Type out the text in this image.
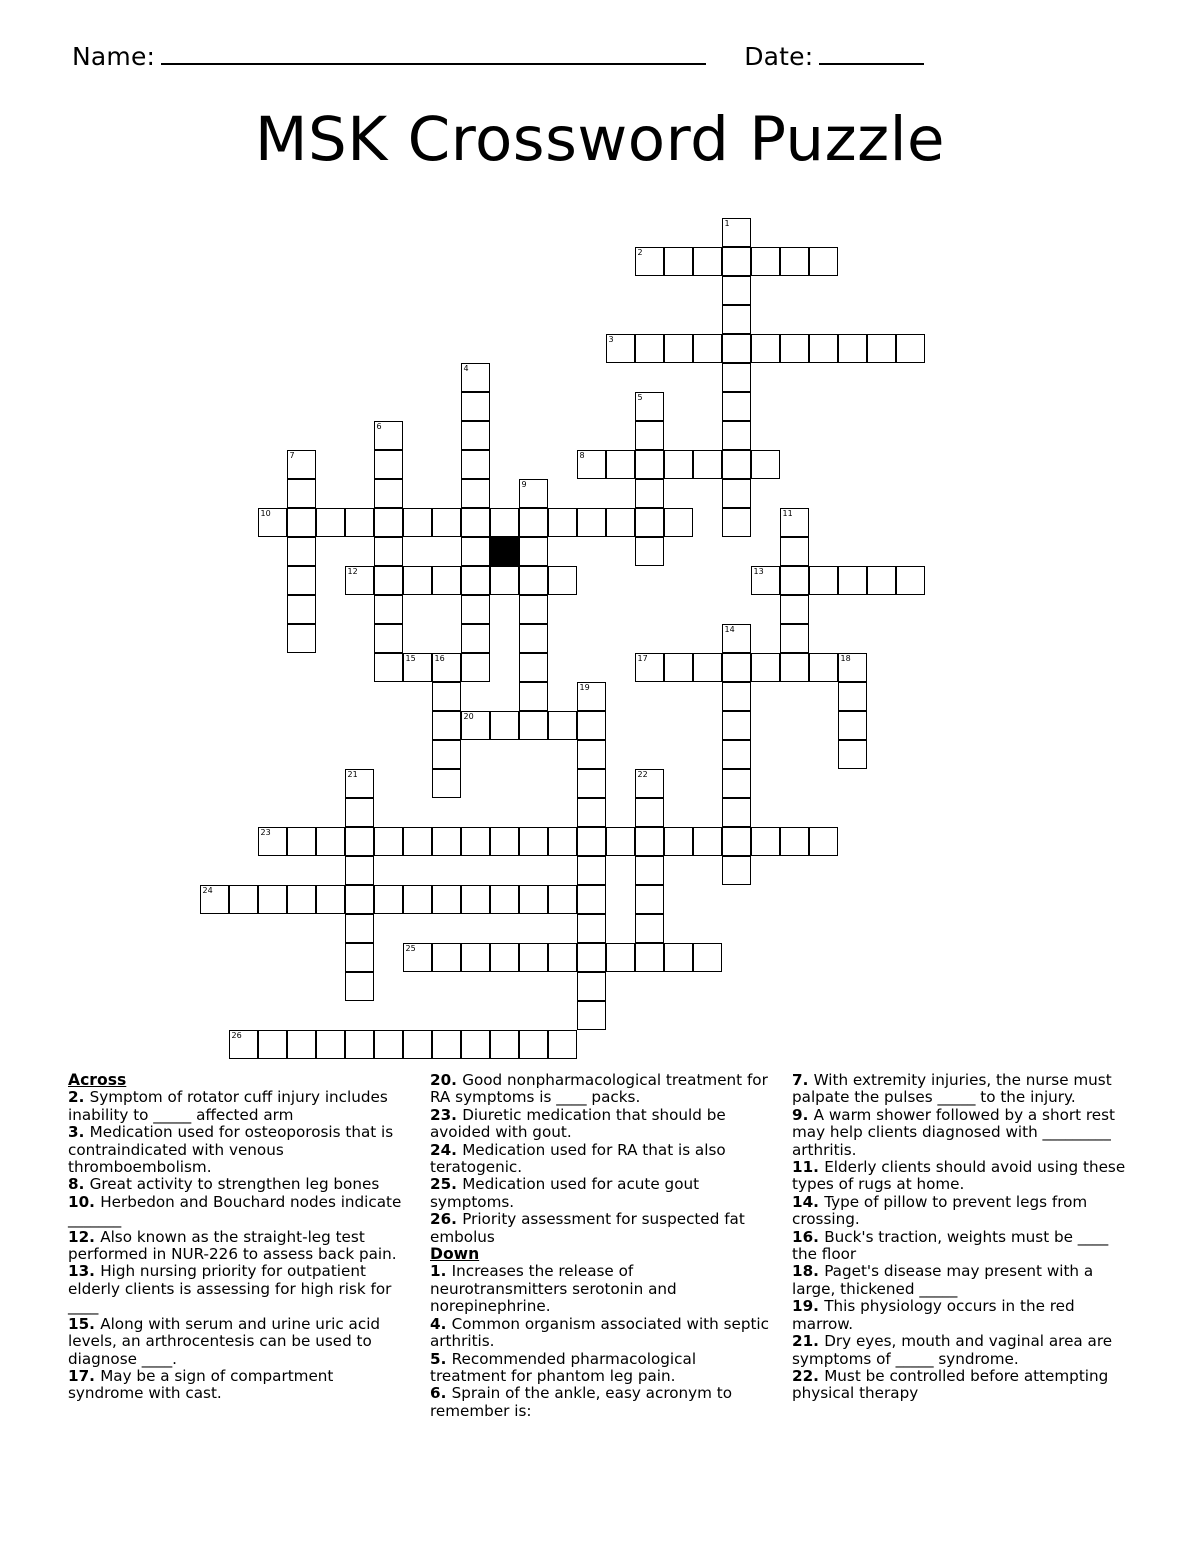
Name:	Date:
MSK Crossword Puzzle
1
2
3
4
5
6
7	8
9
10	11
12	13
14
15 16	17	18
19
20
21	22
23
24
25
26
Across

2. Symptom of rotator cuff injury includes inability to _____ affected arm

3. Medication used for osteoporosis that is contraindicated with venous thromboembolism.

8. Great activity to strengthen leg bones

10. Herbedon and Bouchard nodes indicate _______

12. Also known as the straight-leg test performed in NUR-226 to assess back pain.

13. High nursing priority for outpatient elderly clients is assessing for high risk for ____

15. Along with serum and urine uric acid levels, an arthrocentesis can be used to diagnose ____.

17. May be a sign of compartment syndrome with cast.

20. Good nonpharmacological treatment for RA symptoms is ____ packs.

23. Diuretic medication that should be avoided with gout.

24. Medication used for RA that is also teratogenic.

25. Medication used for acute gout symptoms.

26. Priority assessment for suspected fat embolus

Down

1. Increases the release of neurotransmitters serotonin and norepinephrine.

4. Common organism associated with septic arthritis.

5. Recommended pharmacological treatment for phantom leg pain.

6. Sprain of the ankle, easy acronym to remember is:

7. With extremity injuries, the nurse must palpate the pulses _____ to the injury.

9. A warm shower followed by a short rest may help clients diagnosed with _________ arthritis.

11. Elderly clients should avoid using these types of rugs at home.

14. Type of pillow to prevent legs from crossing.

16. Buck's traction, weights must be ____ the floor

18. Paget's disease may present with a large, thickened _____

19. This physiology occurs in the red marrow.

21. Dry eyes, mouth and vaginal area are symptoms of _____ syndrome.

22. Must be controlled before attempting physical therapy
